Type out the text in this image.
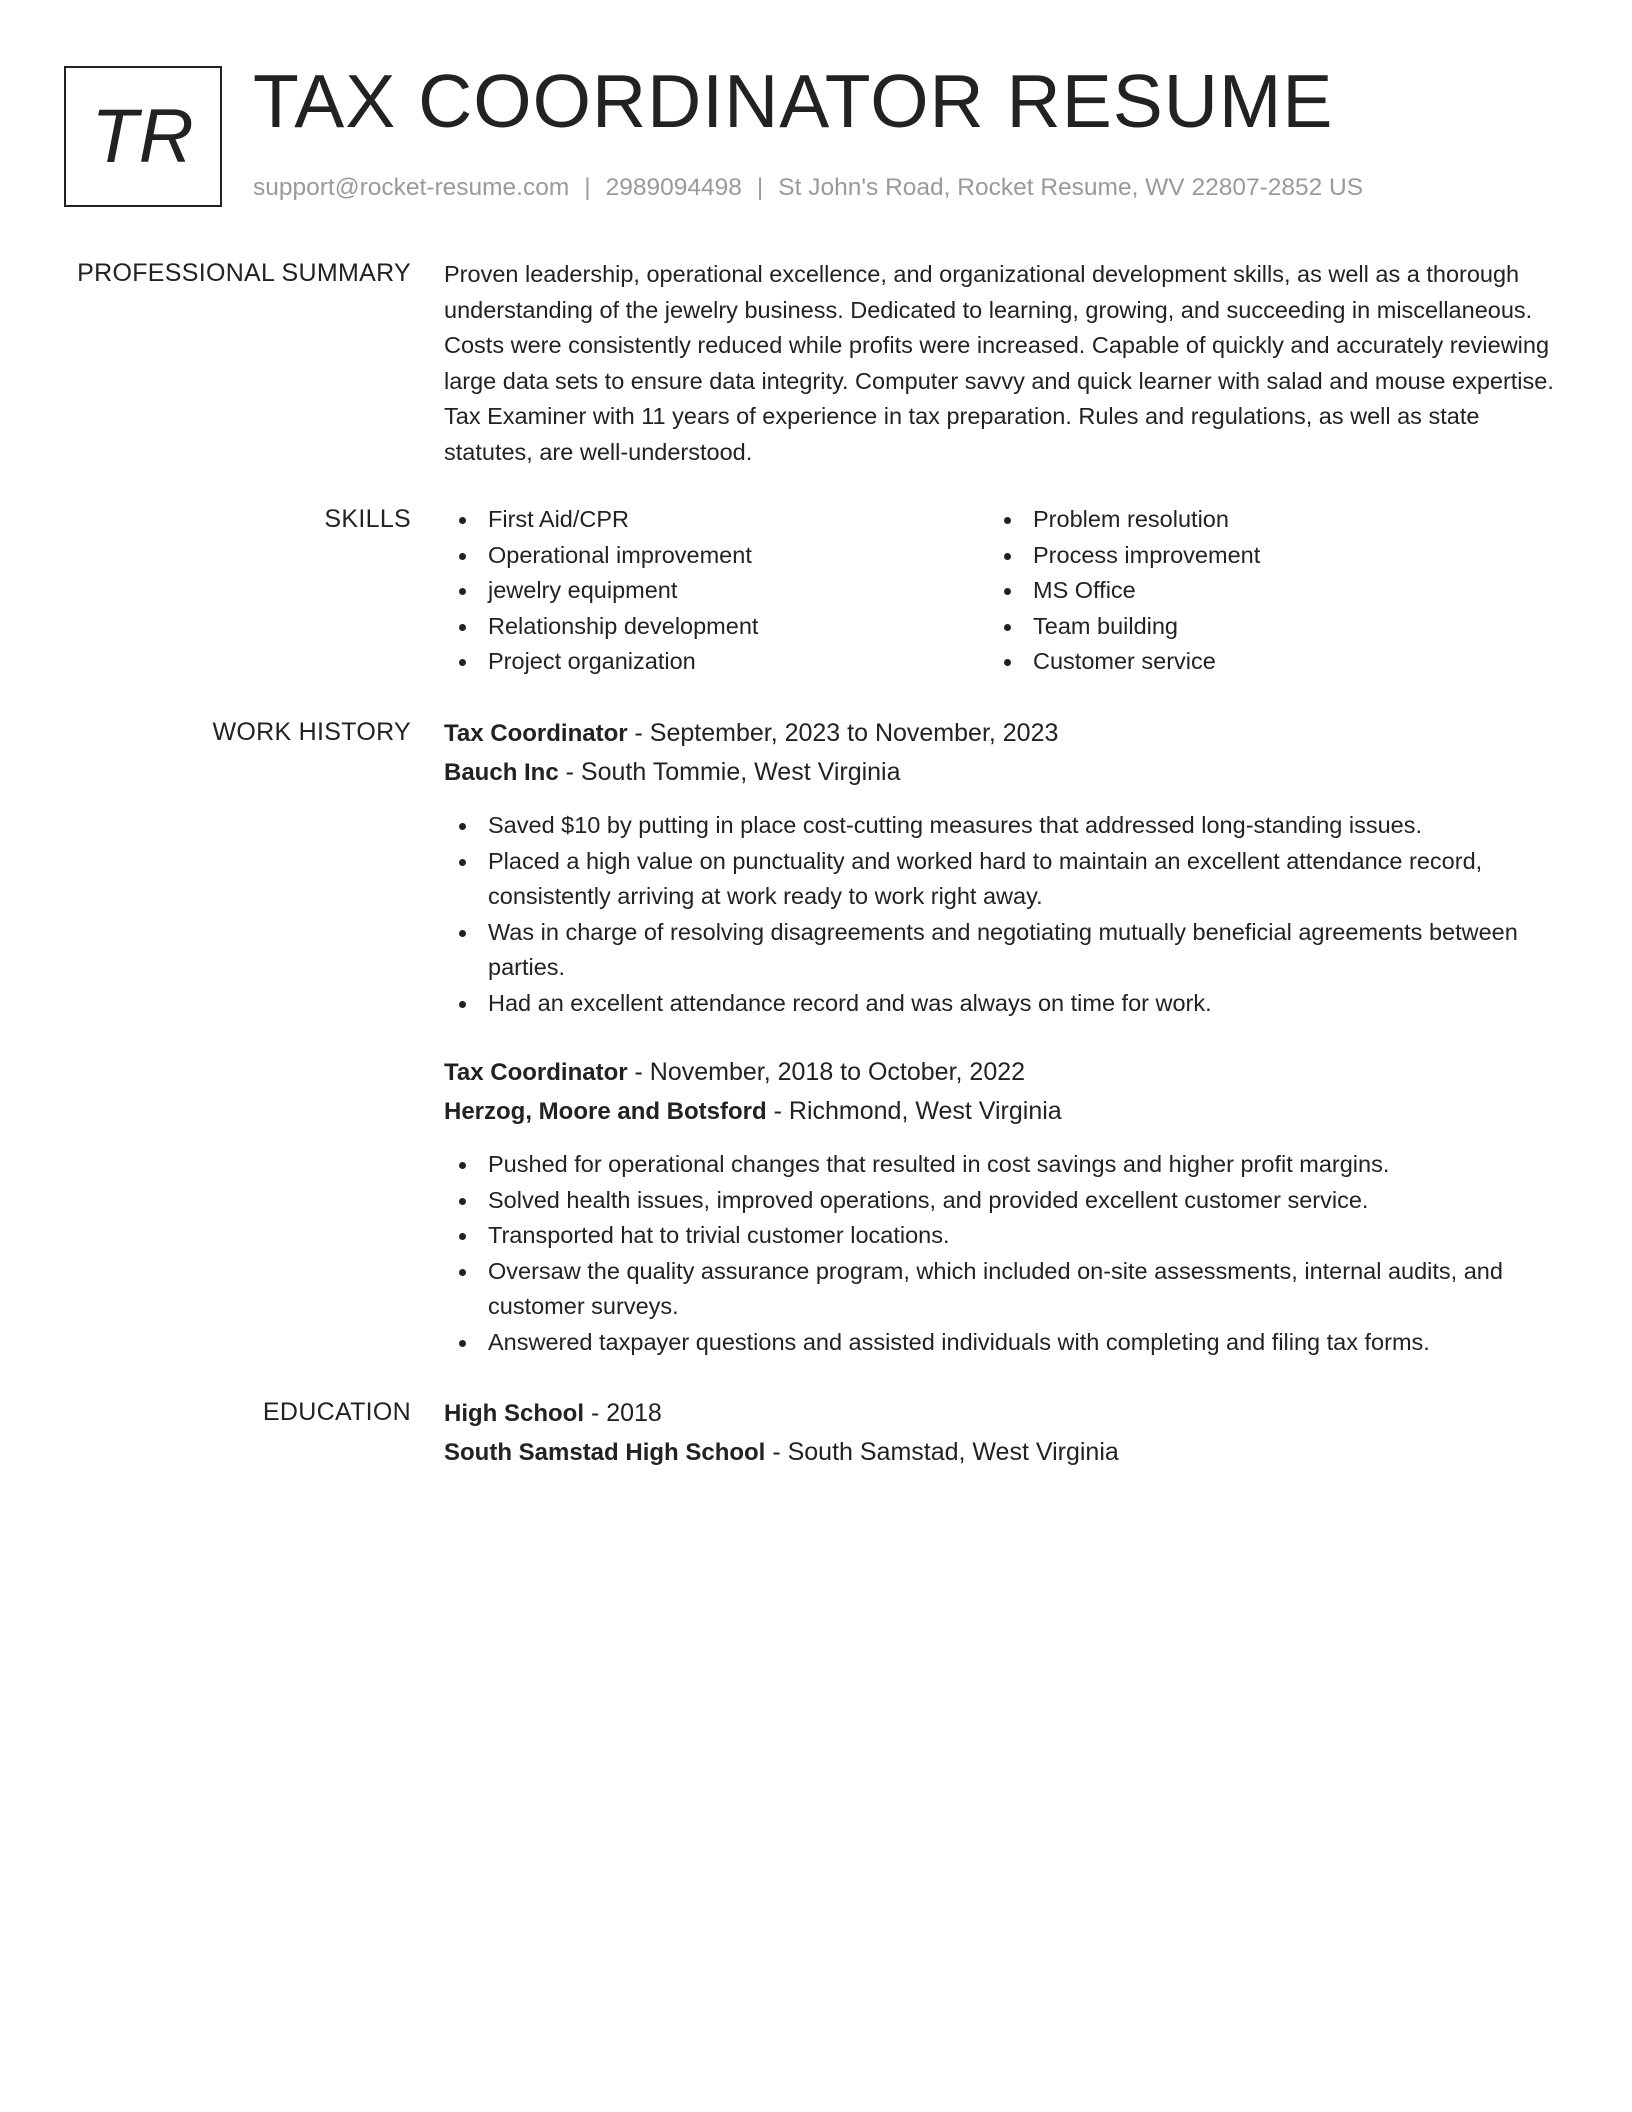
TR TAX COORDINATOR RESUME
support@rocket-resume.com | 2989094498 | St John's Road, Rocket Resume, WV 22807-2852 US
PROFESSIONAL SUMMARY Proven leadership, operational excellence, and organizational development skills, as well as a thorough understanding of the jewelry business. Dedicated to learning, growing, and succeeding in miscellaneous. Costs were consistently reduced while profits were increased. Capable of quickly and accurately reviewing large data sets to ensure data integrity. Computer savvy and quick learner with salad and mouse expertise. Tax Examiner with 11 years of experience in tax preparation. Rules and regulations, as well as state statutes, are well-understood.

SKILLS	First Aid/CPR
Operational improvement
jewelry equipment
Relationship development
Project organization
Problem resolution
Process improvement
MS Office
Team building
Customer service
WORK HISTORY Tax Coordinator - September, 2023 to November, 2023
Bauch Inc - South Tommie, West Virginia
Saved $10 by putting in place cost-cutting measures that addressed long-standing issues.
Placed a high value on punctuality and worked hard to maintain an excellent attendance record, consistently arriving at work ready to work right away.
Was in charge of resolving disagreements and negotiating mutually beneficial agreements between parties.
Had an excellent attendance record and was always on time for work.
Tax Coordinator - November, 2018 to October, 2022
Herzog, Moore and Botsford - Richmond, West Virginia
Pushed for operational changes that resulted in cost savings and higher profit margins.
Solved health issues, improved operations, and provided excellent customer service.
Transported hat to trivial customer locations.
Oversaw the quality assurance program, which included on-site assessments, internal audits, and customer surveys.
Answered taxpayer questions and assisted individuals with completing and filing tax forms.
EDUCATION High School - 2018
South Samstad High School - South Samstad, West Virginia
